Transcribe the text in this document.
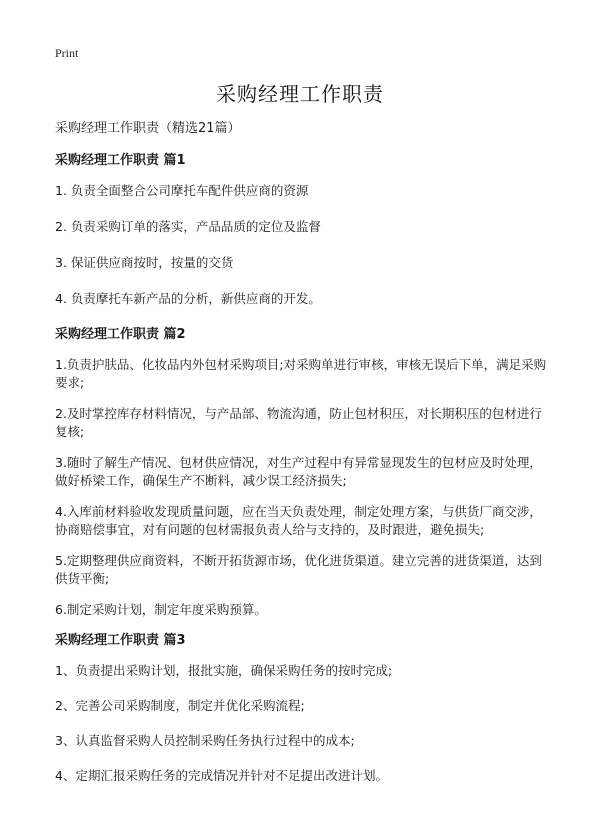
Print
采购经理工作职责
采购经理工作职责（精选21篇）
采购经理工作职责 篇1
1. 负责全面整合公司摩托车配件供应商的资源
2. 负责采购订单的落实，产品品质的定位及监督
3. 保证供应商按时，按量的交货
4. 负责摩托车新产品的分析，新供应商的开发。
采购经理工作职责 篇2
1.负责护肤品、化妆品内外包材采购项目;对采购单进行审核，审核无误后下单，满足采购要求;
2.及时掌控库存材料情况，与产品部、物流沟通，防止包材积压，对长期积压的包材进行复核;
3.随时了解生产情况、包材供应情况，对生产过程中有异常显现发生的包材应及时处理，做好桥梁工作，确保生产不断料，减少误工经济损失;
4.入库前材料验收发现质量问题，应在当天负责处理，制定处理方案，与供货厂商交涉，协商赔偿事宜，对有问题的包材需报负责人给与支持的，及时跟进，避免损失;
5.定期整理供应商资料，不断开拓货源市场，优化进货渠道。建立完善的进货渠道，达到供货平衡;
6.制定采购计划，制定年度采购预算。
采购经理工作职责 篇3
1、负责提出采购计划，报批实施，确保采购任务的按时完成;
2、完善公司采购制度，制定并优化采购流程;
3、认真监督采购人员控制采购任务执行过程中的成本;
4、定期汇报采购任务的完成情况并针对不足提出改进计划。
